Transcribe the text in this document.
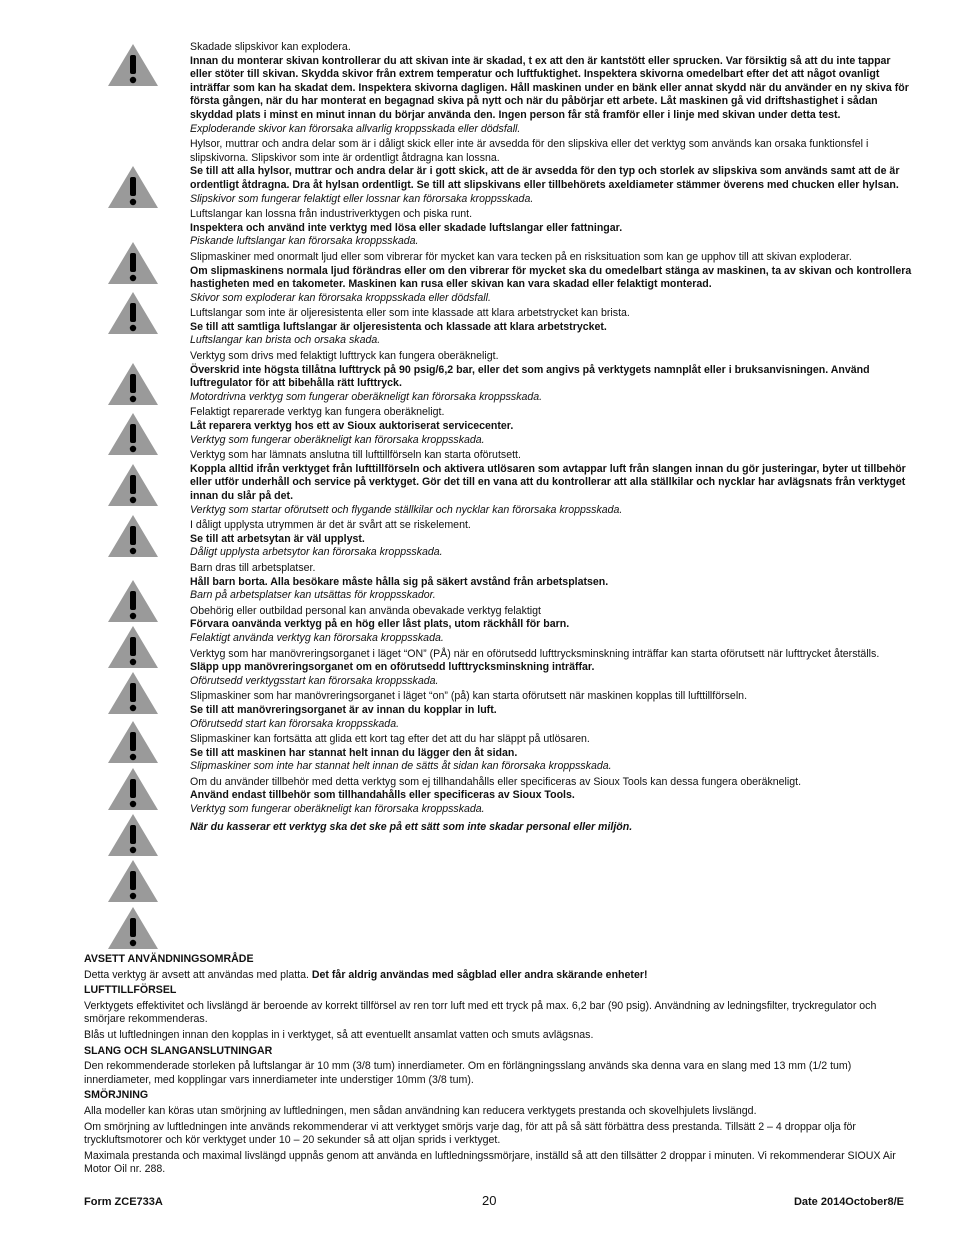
Skadade slipskivor kan explodera.

Innan du monterar skivan kontrollerar du att skivan inte är skadad, t ex att den är kantstött eller sprucken. Var försiktig så att du inte tappar eller stöter till skivan. Skydda skivor från extrem temperatur och luftfuktighet. Inspektera skivorna omedelbart efter det att något ovanligt inträffar som kan ha skadat dem. Inspektera skivorna dagligen. Håll maskinen under en bänk eller annat skydd när du använder en ny skiva för första gången, när du har monterat en begagnad skiva på nytt och när du påbörjar ett arbete. Låt maskinen gå vid driftshastighet i sådan skyddad plats i minst en minut innan du börjar använda den. Ingen person får stå framför eller i linje med skivan under detta test.

Exploderande skivor kan förorsaka allvarlig kroppsskada eller dödsfall.

Hylsor, muttrar och andra delar som är i dåligt skick eller inte är avsedda för den slipskiva eller det verktyg som används kan orsaka funktionsfel i slipskivorna. Slipskivor som inte är ordentligt åtdragna kan lossna.

Se till att alla hylsor, muttrar och andra delar är i gott skick, att de är avsedda för den typ och storlek av slipskiva som används samt att de är ordentligt åtdragna. Dra åt hylsan ordentligt. Se till att slipskivans eller tillbehörets axeldiameter stämmer överens med chucken eller hylsan.

Slipskivor som fungerar felaktigt eller lossnar kan förorsaka kroppsskada.

Luftslangar kan lossna från industriverktygen och piska runt.

Inspektera och använd inte verktyg med lösa eller skadade luftslangar eller fattningar.

Piskande luftslangar kan förorsaka kroppsskada.

Slipmaskiner med onormalt ljud eller som vibrerar för mycket kan vara tecken på en risksituation som kan ge upphov till att skivan exploderar.

Om slipmaskinens normala ljud förändras eller om den vibrerar för mycket ska du omedelbart stänga av maskinen, ta av skivan och kontrollera hastigheten med en takometer. Maskinen kan rusa eller skivan kan vara skadad eller felaktigt monterad.

Skivor som exploderar kan förorsaka kroppsskada eller dödsfall.

Luftslangar som inte är oljeresistenta eller som inte klassade att klara arbetstrycket kan brista.

Se till att samtliga luftslangar är oljeresistenta och klassade att klara arbetstrycket.

Luftslangar kan brista och orsaka skada.

Verktyg som drivs med felaktigt lufttryck kan fungera oberäkneligt.

Överskrid inte högsta tillåtna lufttryck på 90 psig/6,2 bar, eller det som angivs på verktygets namnplåt eller i bruksanvisningen. Använd luftregulator för att bibehålla rätt lufttryck.

Motordrivna verktyg som fungerar oberäkneligt kan förorsaka kroppsskada.

Felaktigt reparerade verktyg kan fungera oberäkneligt.

Låt reparera verktyg hos ett av Sioux auktoriserat servicecenter.

Verktyg som fungerar oberäkneligt kan förorsaka kroppsskada.

Verktyg som har lämnats anslutna till lufttillförseln kan starta oförutsett.

Koppla alltid ifrån verktyget från lufttillförseln och aktivera utlösaren som avtappar luft från slangen innan du gör justeringar, byter ut tillbehör eller utför underhåll och service på verktyget. Gör det till en vana att du kontrollerar att alla ställkilar och nycklar har avlägsnats från verktyget innan du slår på det.

Verktyg som startar oförutsett och flygande ställkilar och nycklar kan förorsaka kroppsskada.

I dåligt upplysta utrymmen är det är svårt att se riskelement.

Se till att arbetsytan är väl upplyst.

Dåligt upplysta arbetsytor kan förorsaka kroppsskada.

Barn dras till arbetsplatser.

Håll barn borta. Alla besökare måste hålla sig på säkert avstånd från arbetsplatsen.

Barn på arbetsplatser kan utsättas för kroppsskador.

Obehörig eller outbildad personal kan använda obevakade verktyg felaktigt

Förvara oanvända verktyg på en hög eller låst plats, utom räckhåll för barn.

Felaktigt använda verktyg kan förorsaka kroppsskada.

Verktyg som har manövreringsorganet i läget “ON” (PÅ) när en oförutsedd lufttrycksminskning inträffar kan starta oförutsett när lufttrycket återställs.

Släpp upp manövreringsorganet om en oförutsedd lufttrycksminskning inträffar.

Oförutsedd verktygsstart kan förorsaka kroppsskada.

Slipmaskiner som har manövreringsorganet i läget “on” (på) kan starta oförutsett när maskinen kopplas till lufttillförseln.

Se till att manövreringsorganet är av innan du kopplar in luft.

Oförutsedd start kan förorsaka kroppsskada.

Slipmaskiner kan fortsätta att glida ett kort tag efter det att du har släppt på utlösaren.

Se till att maskinen har stannat helt innan du lägger den åt sidan.

Slipmaskiner som inte har stannat helt innan de sätts åt sidan kan förorsaka kroppsskada.

Om du använder tillbehör med detta verktyg som ej tillhandahålls eller specificeras av Sioux Tools kan dessa fungera oberäkneligt.

Använd endast tillbehör som tillhandahålls eller specificeras av Sioux Tools.

Verktyg som fungerar oberäkneligt kan förorsaka kroppsskada.

När du kasserar ett verktyg ska det ske på ett sätt som inte skadar personal eller miljön.

AVSETT ANVÄNDNINGSOMRÅDE

Detta verktyg är avsett att användas med platta. Det får aldrig användas med sågblad eller andra skärande enheter!

LUFTTILLFÖRSEL

Verktygets effektivitet och livslängd är beroende av korrekt tillförsel av ren torr luft med ett tryck på max. 6,2 bar (90 psig). Användning av ledningsfilter, tryckregulator och smörjare rekommenderas.

Blås ut luftledningen innan den kopplas in i verktyget, så att eventuellt ansamlat vatten och smuts avlägsnas.

SLANG OCH SLANGANSLUTNINGAR

Den rekommenderade storleken på luftslangar är 10 mm (3/8 tum) innerdiameter. Om en förlängningsslang används ska denna vara en slang med 13 mm (1/2 tum) innerdiameter, med kopplingar vars innerdiameter inte understiger 10mm (3/8 tum).

SMÖRJNING

Alla modeller kan köras utan smörjning av luftledningen, men sådan användning kan reducera verktygets prestanda och skovelhjulets livslängd.

Om smörjning av luftledningen inte används rekommenderar vi att verktyget smörjs varje dag, för att på så sätt förbättra dess prestanda. Tillsätt 2 – 4 droppar olja för tryckluftsmotorer och kör verktyget under 10 – 20 sekunder så att oljan sprids i verktyget.

Maximala prestanda och maximal livslängd uppnås genom att använda en luftledningssmörjare, inställd så att den tillsätter 2 droppar i minuten. Vi rekommenderar SIOUX Air Motor Oil nr. 288.

Form ZCE733A	20	Date 2014October8/E
